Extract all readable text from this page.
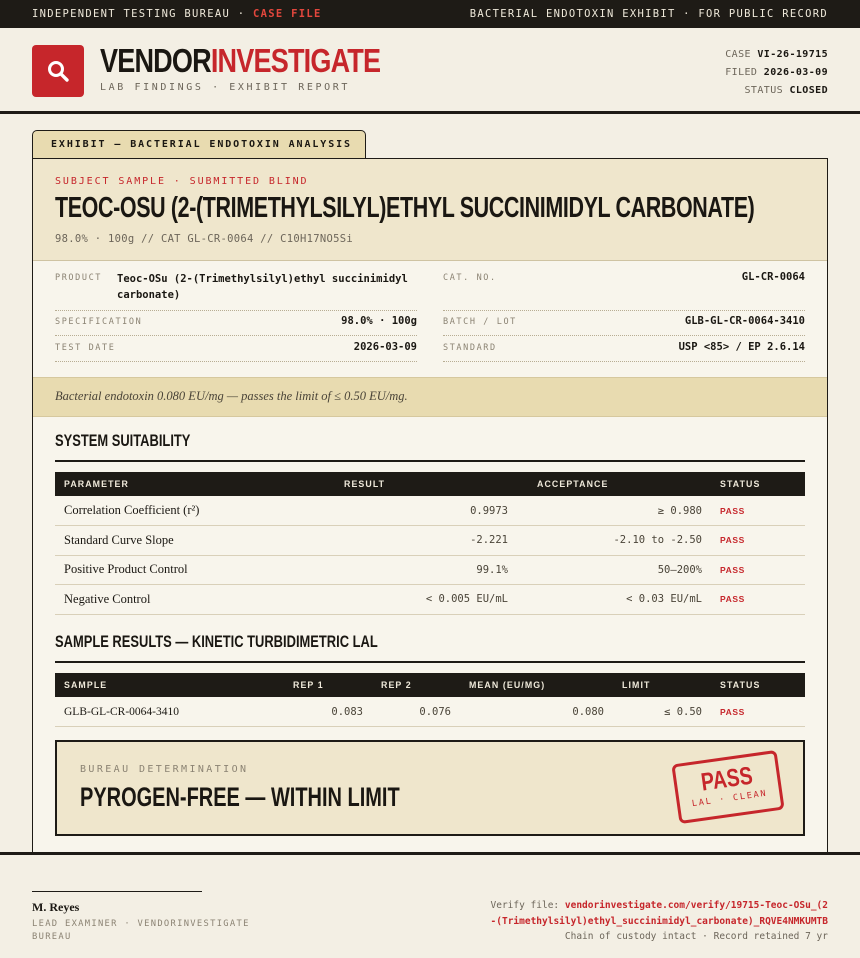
INDEPENDENT TESTING BUREAU · CASE FILE	BACTERIAL ENDOTOXIN EXHIBIT · FOR PUBLIC RECORD
VENDORINVESTIGATE
LAB FINDINGS · EXHIBIT REPORT
CASE VI-26-19715
FILED 2026-03-09
STATUS CLOSED
EXHIBIT — BACTERIAL ENDOTOXIN ANALYSIS
SUBJECT SAMPLE · SUBMITTED BLIND
TEOC-OSU (2-(TRIMETHYLSILYL)ETHYL SUCCINIMIDYL CARBONATE)
98.0% · 100g // CAT GL-CR-0064 // C10H17NO5Si
PRODUCT Teoc-OSu (2-(Trimethylsilyl)ethyl succinimidyl carbonate)
CAT. NO.	GL-CR-0064
SPECIFICATION	98.0% · 100g	BATCH / LOT	GLB-GL-CR-0064-3410
TEST DATE	2026-03-09	STANDARD	USP <85> / EP 2.6.14
Bacterial endotoxin 0.080 EU/mg — passes the limit of ≤ 0.50 EU/mg.
SYSTEM SUITABILITY
PARAMETER	RESULT	ACCEPTANCE	STATUS
Correlation Coefficient (r²)	0.9973	≥ 0.980	PASS
Standard Curve Slope	-2.221	-2.10 to -2.50	PASS
Positive Product Control	99.1%	50–200%	PASS
Negative Control	< 0.005 EU/mL	< 0.03 EU/mL	PASS
SAMPLE RESULTS — KINETIC TURBIDIMETRIC LAL
SAMPLE	REP 1	REP 2	MEAN (EU/MG)	LIMIT	STATUS
GLB-GL-CR-0064-3410	0.083	0.076	0.080	≤ 0.50	PASS
BUREAU DETERMINATION
PYROGEN-FREE — WITHIN LIMIT
PASS
LAL · CLEAN
M. Reyes
LEAD EXAMINER · VENDORINVESTIGATE BUREAU
Verify file: vendorinvestigate.com/verify/19715-Teoc-OSu_(2-(Trimethylsilyl)ethyl_succinimidyl_carbonate)_RQVE4NMKUMTB
Chain of custody intact · Record retained 7 yr
